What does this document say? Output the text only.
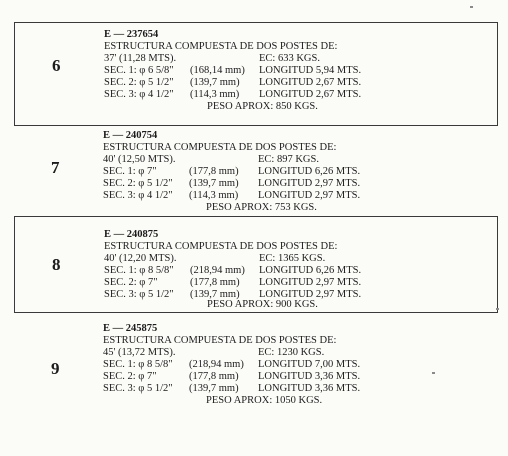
6
E — 237654
ESTRUCTURA COMPUESTA DE DOS POSTES DE:
37' (11,28 MTS).	EC: 633 KGS.
SEC. 1: φ 6 5/8" (168,14 mm) LONGITUD 5,94 MTS.
SEC. 2: φ 5 1/2" (139,7 mm) LONGITUD 2,67 MTS.
SEC. 3: φ 4 1/2" (114,3 mm) LONGITUD 2,67 MTS.
PESO APROX: 850 KGS.
7
E — 240754
ESTRUCTURA COMPUESTA DE DOS POSTES DE:
40' (12,50 MTS).	EC: 897 KGS.
SEC. 1: φ 7"	(177,8 mm) LONGITUD 6,26 MTS.
SEC. 2: φ 5 1/2" (139,7 mm) LONGITUD 2,97 MTS.
SEC. 3: φ 4 1/2" (114,3 mm) LONGITUD 2,97 MTS.
PESO APROX: 753 KGS.
8
E — 240875
ESTRUCTURA COMPUESTA DE DOS POSTES DE:
40' (12,20 MTS).	EC: 1365 KGS.
SEC. 1: φ 8 5/8" (218,94 mm) LONGITUD 6,26 MTS.
SEC. 2: φ 7"	(177,8 mm) LONGITUD 2,97 MTS.
SEC. 3: φ 5 1/2" (139,7 mm) LONGITUD 2,97 MTS.
PESO APROX: 900 KGS.
9
E — 245875
ESTRUCTURA COMPUESTA DE DOS POSTES DE:
45' (13,72 MTS).	EC: 1230 KGS.
SEC. 1: φ 8 5/8" (218,94 mm) LONGITUD 7,00 MTS.
SEC. 2: φ 7"	(177,8 mm) LONGITUD 3,36 MTS.
SEC. 3: φ 5 1/2" (139,7 mm) LONGITUD 3,36 MTS.
PESO APROX: 1050 KGS.
